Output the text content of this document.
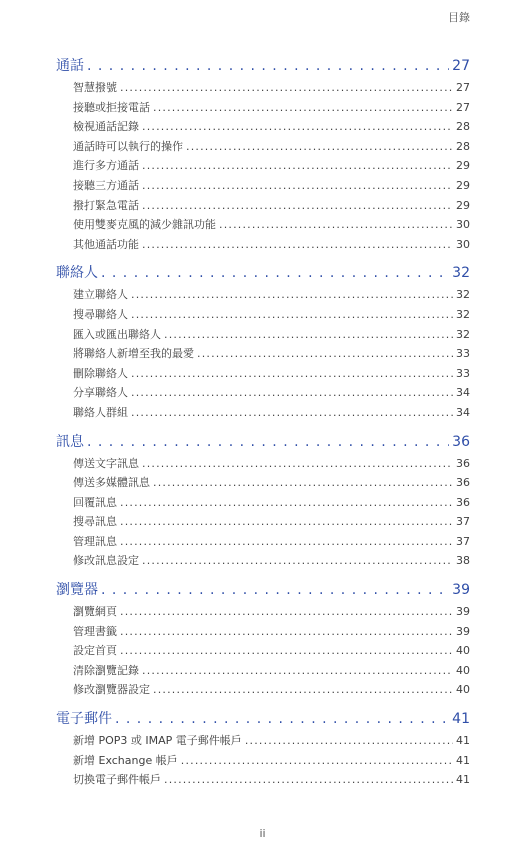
目錄
通話 . . .	27
智慧撥號 .....	27
接聽或拒接電話 .....	27
檢視通話記錄 .....	28
通話時可以執行的操作 .....	28
進行多方通話 .....	29
接聽三方通話 .....	29
撥打緊急電話 .....	29
使用雙麥克風的減少雜訊功能 .....	30
其他通話功能 .....	30
聯絡人 . . .	32
建立聯絡人 .....	32
搜尋聯絡人 .....	32
匯入或匯出聯絡人 .....	32
將聯絡人新增至我的最愛 .....	33
刪除聯絡人 .....	33
分享聯絡人 .....	34
聯絡人群組 .....	34
訊息 . . .	36
傳送文字訊息 .....	36
傳送多媒體訊息 .....	36
回覆訊息 .....	36
搜尋訊息 .....	37
管理訊息 .....	37
修改訊息設定 .....	38
瀏覽器 . . .	39
瀏覽網頁 .....	39
管理書籤 .....	39
設定首頁 .....	40
清除瀏覽記錄 .....	40
修改瀏覽器設定 .....	40
電子郵件 . . .	41
新增 POP3 或 IMAP 電子郵件帳戶 .....	41
新增 Exchange 帳戶 .....	41
切換電子郵件帳戶 .....	41
ii
